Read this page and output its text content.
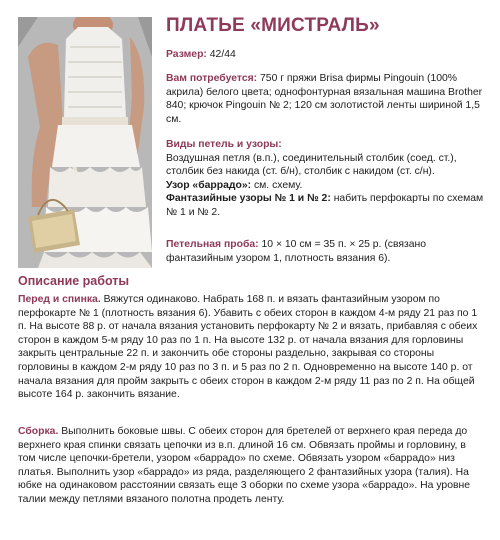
ПЛАТЬЕ «МИСТРАЛЬ»
Размер: 42/44
Вам потребуется: 750 г пряжи Brisa фирмы Pingouin (100% акрила) белого цвета; однофонтурная вязальная машина Brother 840; крючок Pingouin № 2; 120 см золотистой ленты шириной 1,5 см.
Виды петель и узоры:
Воздушная петля (в.п.), соединительный столбик (соед. ст.), столбик без накида (ст. б/н), столбик с накидом (ст. с/н).
Узор «баррадо»: см. схему.
Фантазийные узоры № 1 и № 2: набить перфокарты по схемам № 1 и № 2.
Петельная проба: 10 × 10 см = 35 п. × 25 р. (связано фантазийным узором 1, плотность вязания 6).
Описание работы
Перед и спинка. Вяжутся одинаково. Набрать 168 п. и вязать фантазийным узором по перфокарте № 1 (плотность вязания 6). Убавить с обеих сторон в каждом 4-м ряду 21 раз по 1 п. На высоте 88 р. от начала вязания установить перфокарту № 2 и вязать, прибавляя с обеих сторон в каждом 5-м ряду 10 раз по 1 п. На высоте 132 р. от начала вязания для горловины закрыть центральные 22 п. и закончить обе стороны раздельно, закрывая со стороны горловины в каждом 2-м ряду 10 раз по 3 п. и 5 раз по 2 п. Одновременно на высоте 140 р. от начала вязания для пройм закрыть с обеих сторон в каждом 2-м ряду 11 раз по 2 п. На общей высоте 164 р. закончить вязание.
Сборка. Выполнить боковые швы. С обеих сторон для бретелей от верхнего края переда до верхнего края спинки связать цепочки из в.п. длиной 16 см. Обвязать проймы и горловину, в том числе цепочки-бретели, узором «баррадо» по схеме. Обвязать узором «баррадо» низ платья. Выполнить узор «баррадо» из ряда, разделяющего 2 фантазийных узора (талия). На юбке на одинаковом расстоянии связать еще 3 оборки по схеме узора «баррадо». На уровне талии между петлями вязаного полотна продеть ленту.
